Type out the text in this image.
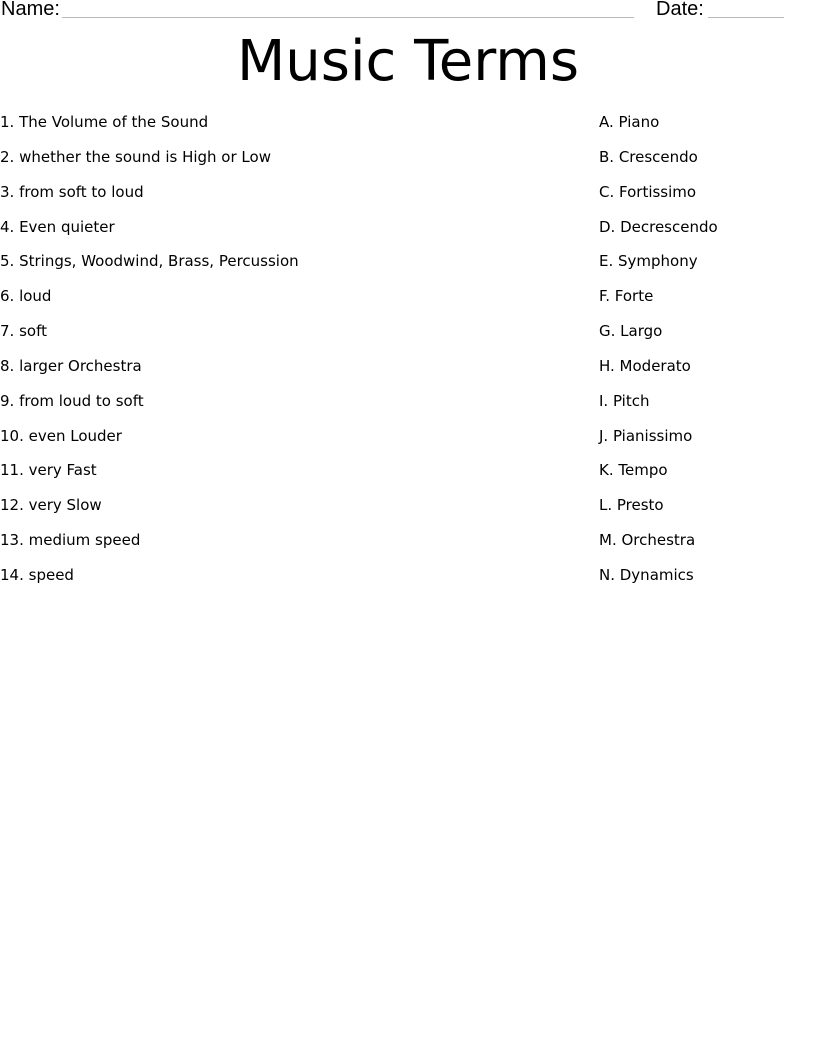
Name:	Date:
Music Terms
1. The Volume of the Sound
2. whether the sound is High or Low
3. from soft to loud
4. Even quieter
5. Strings, Woodwind, Brass, Percussion
6. loud
7. soft
8. larger Orchestra
9. from loud to soft
10. even Louder
11. very Fast
12. very Slow
13. medium speed
14. speed
A. Piano
B. Crescendo
C. Fortissimo
D. Decrescendo
E. Symphony
F. Forte
G. Largo
H. Moderato
I. Pitch
J. Pianissimo
K. Tempo
L. Presto
M. Orchestra
N. Dynamics
